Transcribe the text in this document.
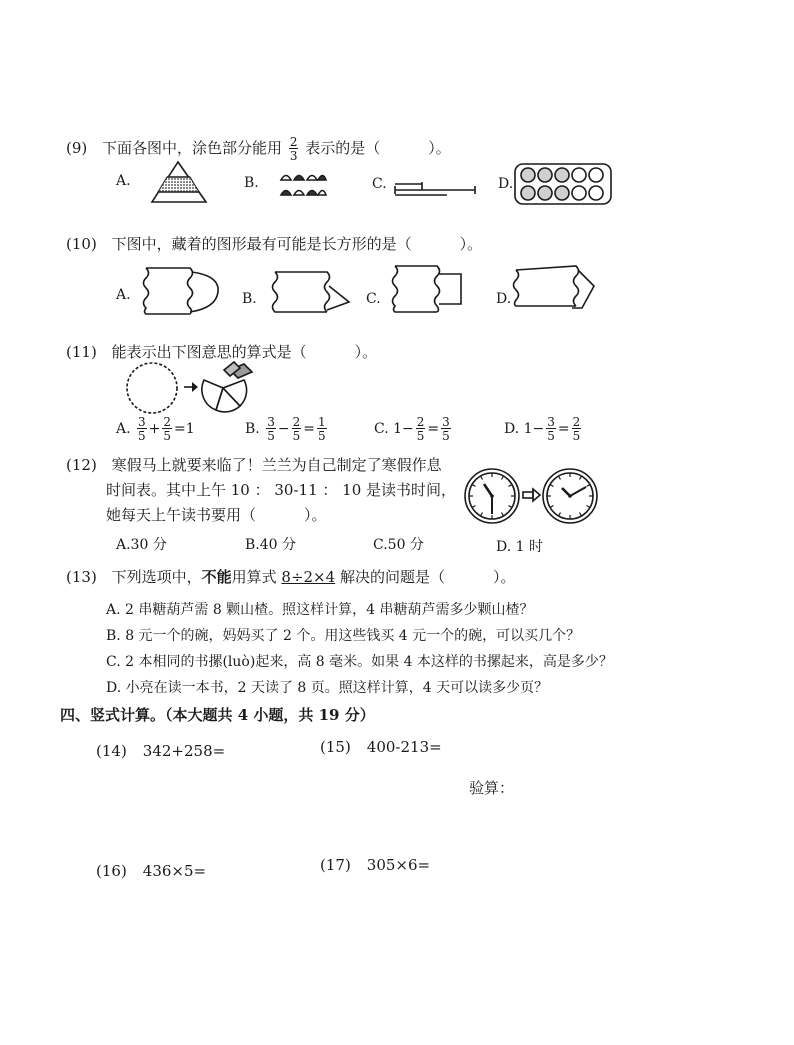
(9) 下面各图中，涂色部分能用 $\frac{2}{3}$ 表示的是（	）。
A.	B.	C.	D.
(10) 下图中，藏着的图形最有可能是长方形的是（	）。
A.	B.	C.	D.
(11) 能表示出下图意思的算式是（	）。
A. $\frac{3}{5} + \frac{2}{5} =1$	B. $\frac{3}{5} - \frac{2}{5} = \frac{1}{5}$	C. $1- \frac{2}{5} = \frac{3}{5}$	D. $1- \frac{3}{5} = \frac{2}{5}$
(12) 寒假马上就要来临了！兰兰为自己制定了寒假作息
时间表。其中上午 10 ： 30-11 ： 10 是读书时间，
她每天上午读书要用（	）。
A.30 分	B.40 分	C.50 分	D. 1 时
(13) 下列选项中，不能用算式 8÷2×4 解决的问题是（	）。
A. 2 串糖葫芦需 8 颗山楂。照这样计算，4 串糖葫芦需多少颗山楂？
B. 8 元一个的碗，妈妈买了 2 个。用这些钱买 4 元一个的碗，可以买几个？
C. 2 本相同的书摞(luò)起来，高 8 毫米。如果 4 本这样的书摞起来，高是多少？
D. 小亮在读一本书，2 天读了 8 页。照这样计算，4 天可以读多少页？
四、竖式计算。（本大题共 4 小题，共 19 分）
(14) 342+258=	(15) 400-213=
验算：
(16) 436×5=	(17) 305×6=
